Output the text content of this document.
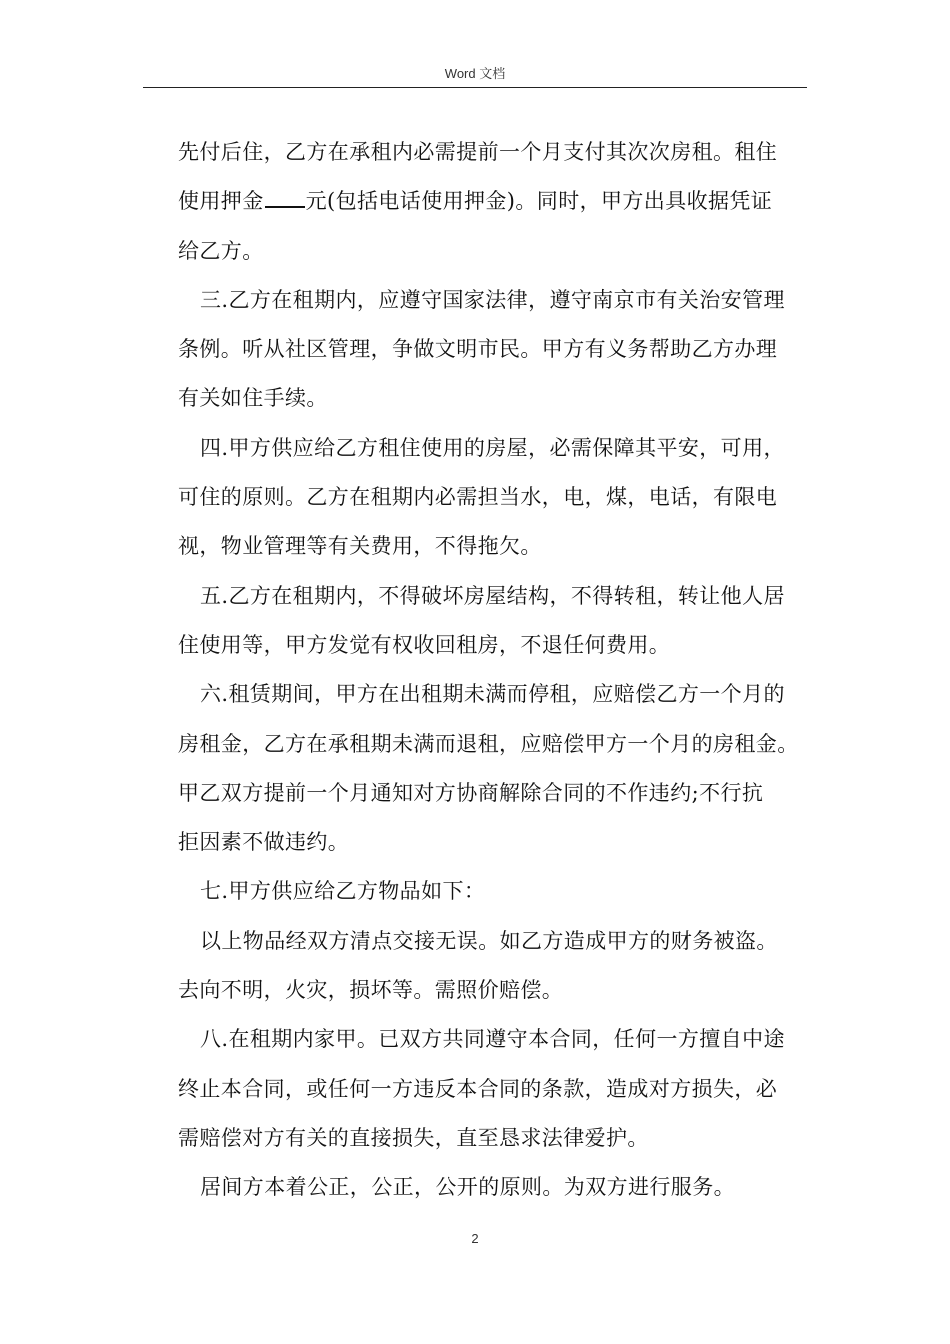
Word 文档
先付后住，乙方在承租内必需提前一个月支付其次次房租。租住
使用押金 元(包括电话使用押金)。同时，甲方出具收据凭证
给乙方。
三.乙方在租期内，应遵守国家法律，遵守南京市有关治安管理
条例。听从社区管理，争做文明市民。甲方有义务帮助乙方办理
有关如住手续。
四.甲方供应给乙方租住使用的房屋，必需保障其平安，可用，
可住的原则。乙方在租期内必需担当水，电，煤，电话，有限电
视，物业管理等有关费用，不得拖欠。
五.乙方在租期内，不得破坏房屋结构，不得转租，转让他人居
住使用等，甲方发觉有权收回租房，不退任何费用。
六.租赁期间，甲方在出租期未满而停租，应赔偿乙方一个月的
房租金，乙方在承租期未满而退租，应赔偿甲方一个月的房租金。
甲乙双方提前一个月通知对方协商解除合同的不作违约;不行抗
拒因素不做违约。
七.甲方供应给乙方物品如下：
以上物品经双方清点交接无误。如乙方造成甲方的财务被盗。
去向不明，火灾，损坏等。需照价赔偿。
八.在租期内家甲。已双方共同遵守本合同，任何一方擅自中途
终止本合同，或任何一方违反本合同的条款，造成对方损失，必
需赔偿对方有关的直接损失，直至恳求法律爱护。
居间方本着公正，公正，公开的原则。为双方进行服务。
2
